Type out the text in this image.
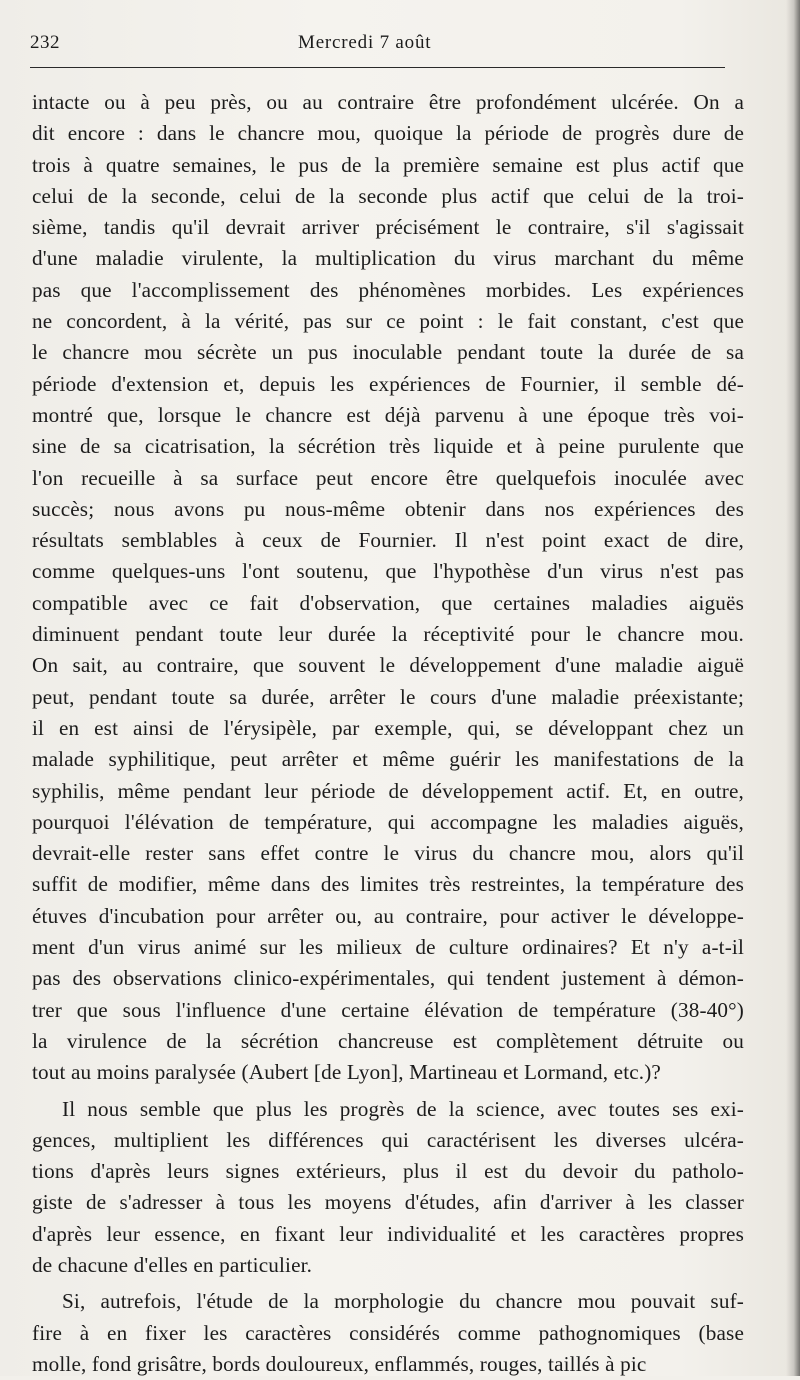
232	Mercredi 7 août
intacte ou à peu près, ou au contraire être profondément ulcérée. On a
dit encore : dans le chancre mou, quoique la période de progrès dure de
trois à quatre semaines, le pus de la première semaine est plus actif que
celui de la seconde, celui de la seconde plus actif que celui de la troi-
sième, tandis qu'il devrait arriver précisément le contraire, s'il s'agissait
d'une maladie virulente, la multiplication du virus marchant du même
pas que l'accomplissement des phénomènes morbides. Les expériences
ne concordent, à la vérité, pas sur ce point : le fait constant, c'est que
le chancre mou sécrète un pus inoculable pendant toute la durée de sa
période d'extension et, depuis les expériences de Fournier, il semble dé-
montré que, lorsque le chancre est déjà parvenu à une époque très voi-
sine de sa cicatrisation, la sécrétion très liquide et à peine purulente que
l'on recueille à sa surface peut encore être quelquefois inoculée avec
succès; nous avons pu nous-même obtenir dans nos expériences des
résultats semblables à ceux de Fournier. Il n'est point exact de dire,
comme quelques-uns l'ont soutenu, que l'hypothèse d'un virus n'est pas
compatible avec ce fait d'observation, que certaines maladies aiguës
diminuent pendant toute leur durée la réceptivité pour le chancre mou.
On sait, au contraire, que souvent le développement d'une maladie aiguë
peut, pendant toute sa durée, arrêter le cours d'une maladie préexistante;
il en est ainsi de l'érysipèle, par exemple, qui, se développant chez un
malade syphilitique, peut arrêter et même guérir les manifestations de la
syphilis, même pendant leur période de développement actif. Et, en outre,
pourquoi l'élévation de température, qui accompagne les maladies aiguës,
devrait-elle rester sans effet contre le virus du chancre mou, alors qu'il
suffit de modifier, même dans des limites très restreintes, la température des
étuves d'incubation pour arrêter ou, au contraire, pour activer le développe-
ment d'un virus animé sur les milieux de culture ordinaires? Et n'y a-t-il
pas des observations clinico-expérimentales, qui tendent justement à démon-
trer que sous l'influence d'une certaine élévation de température (38-40°)
la virulence de la sécrétion chancreuse est complètement détruite ou
tout au moins paralysée (Aubert [de Lyon], Martineau et Lormand, etc.)?
Il nous semble que plus les progrès de la science, avec toutes ses exi-
gences, multiplient les différences qui caractérisent les diverses ulcéra-
tions d'après leurs signes extérieurs, plus il est du devoir du patholo-
giste de s'adresser à tous les moyens d'études, afin d'arriver à les classer
d'après leur essence, en fixant leur individualité et les caractères propres
de chacune d'elles en particulier.
Si, autrefois, l'étude de la morphologie du chancre mou pouvait suf-
fire à en fixer les caractères considérés comme pathognomiques (base
molle, fond grisâtre, bords douloureux, enflammés, rouges, taillés à pic
